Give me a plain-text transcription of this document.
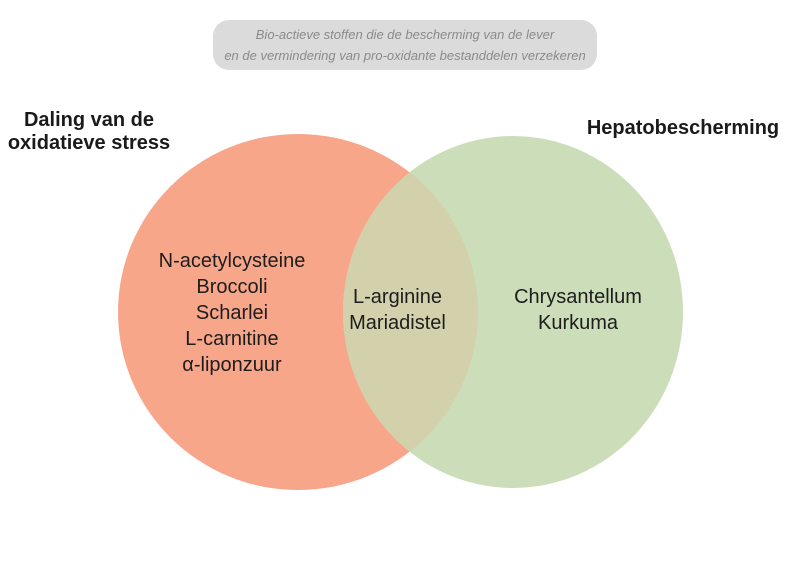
Bio-actieve stoffen die de bescherming van de lever
en de vermindering van pro-oxidante bestanddelen verzekeren
Daling van de
oxidatieve stress
Hepatobescherming
N-acetylcysteine
Broccoli
Scharlei
L-carnitine
α-liponzuur
L-arginine
Mariadistel
Chrysantellum
Kurkuma
